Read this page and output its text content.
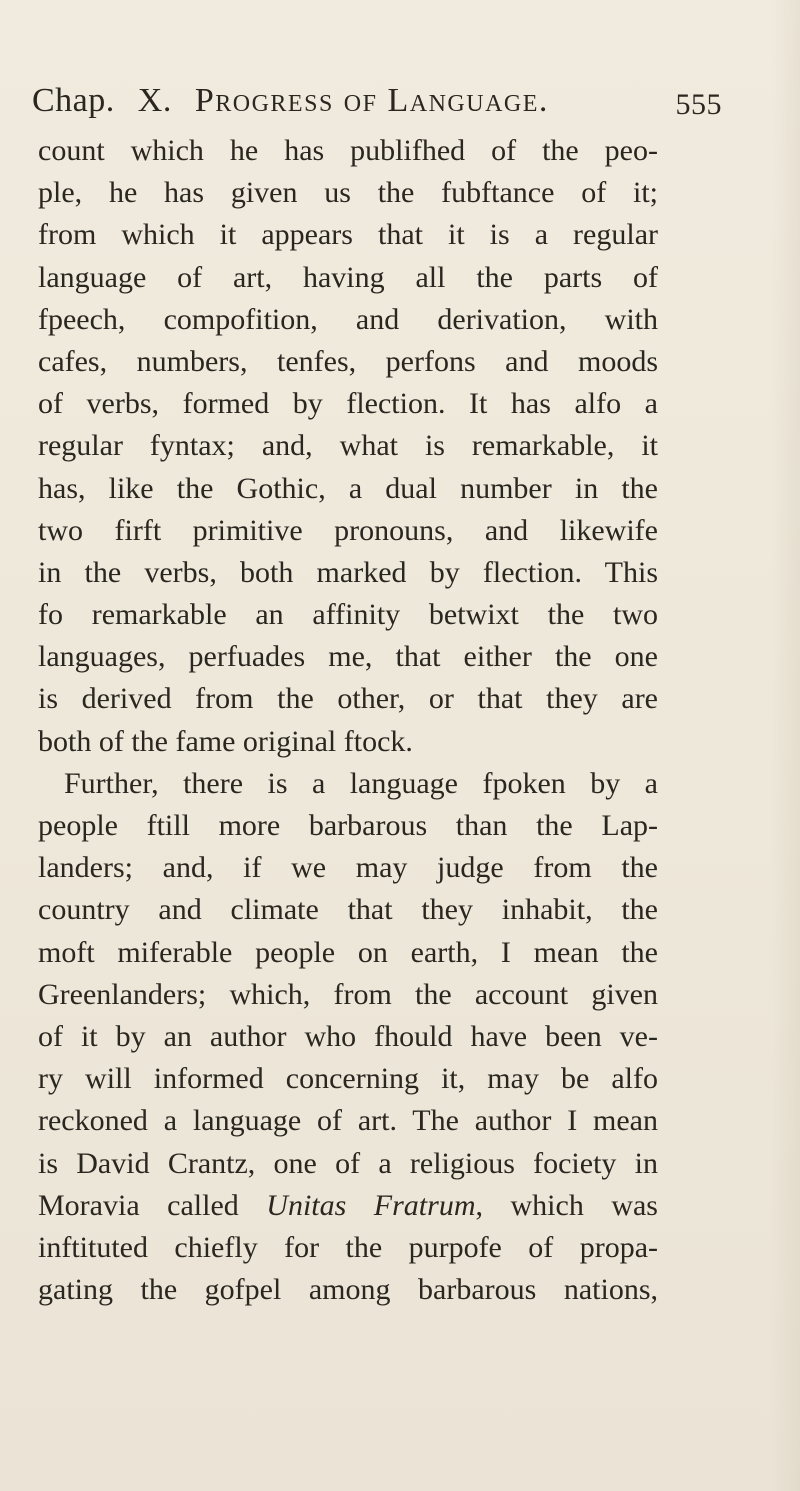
Chap. X. Progress of Language.	555
count which he has publifhed of the peo-
ple, he has given us the fubftance of it;
from which it appears that it is a regular
language of art, having all the parts of
fpeech, compofition, and derivation, with
cafes, numbers, tenfes, perfons and moods
of verbs, formed by flection. It has alfo a
regular fyntax; and, what is remarkable, it
has, like the Gothic, a dual number in the
two firft primitive pronouns, and likewife
in the verbs, both marked by flection. This
fo remarkable an affinity betwixt the two
languages, perfuades me, that either the one
is derived from the other, or that they are
both of the fame original ftock.
Further, there is a language fpoken by a
people ftill more barbarous than the Lap-
landers; and, if we may judge from the
country and climate that they inhabit, the
moft miferable people on earth, I mean the
Greenlanders; which, from the account given
of it by an author who fhould have been ve-
ry will informed concerning it, may be alfo
reckoned a language of art. The author I mean
is David Crantz, one of a religious fociety in
Moravia called Unitas Fratrum, which was
inftituted chiefly for the purpofe of propa-
gating the gofpel among barbarous nations,
